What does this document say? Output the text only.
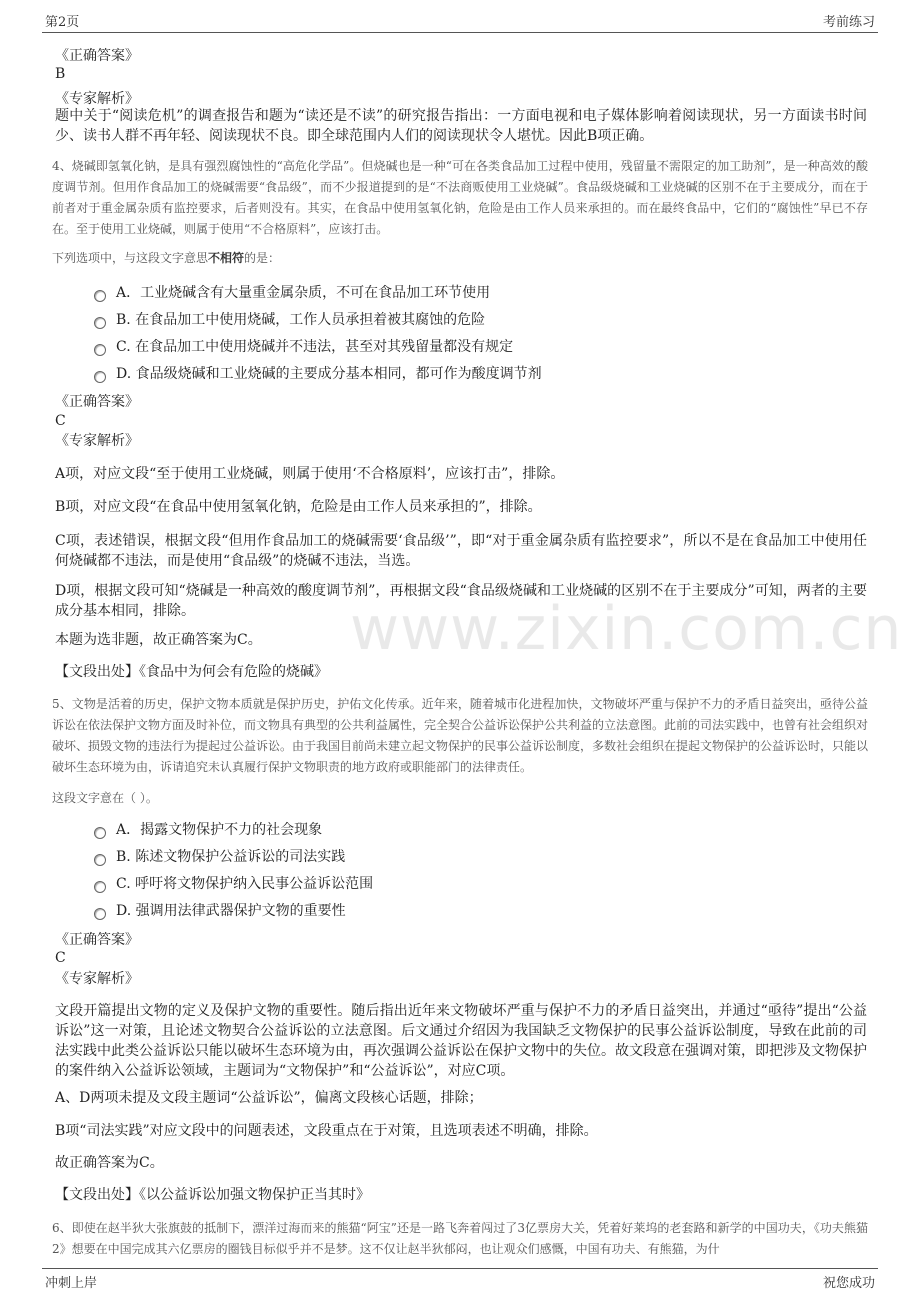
第2页	考前练习
www.zixin.com.cn
《正确答案》
B
《专家解析》
题中关于“阅读危机”的调查报告和题为“读还是不读”的研究报告指出：一方面电视和电子媒体影响着阅读现状，另一方面读书时间少、读书人群不再年轻、阅读现状不良。即全球范围内人们的阅读现状令人堪忧。因此B项正确。
4、烧碱即氢氧化钠，是具有强烈腐蚀性的“高危化学品”。但烧碱也是一种“可在各类食品加工过程中使用，残留量不需限定的加工助剂”，是一种高效的酸度调节剂。但用作食品加工的烧碱需要“食品级”，而不少报道提到的是“不法商贩使用工业烧碱”。食品级烧碱和工业烧碱的区别不在于主要成分，而在于前者对于重金属杂质有监控要求，后者则没有。其实，在食品中使用氢氧化钠，危险是由工作人员来承担的。而在最终食品中，它们的“腐蚀性”早已不存在。至于使用工业烧碱，则属于使用“不合格原料”，应该打击。
下列选项中，与这段文字意思不相符的是：
A．工业烧碱含有大量重金属杂质，不可在食品加工环节使用
B. 在食品加工中使用烧碱，工作人员承担着被其腐蚀的危险
C. 在食品加工中使用烧碱并不违法，甚至对其残留量都没有规定
D. 食品级烧碱和工业烧碱的主要成分基本相同，都可作为酸度调节剂
《正确答案》
C
《专家解析》
A项，对应文段“至于使用工业烧碱，则属于使用‘不合格原料’，应该打击”，排除。
B项，对应文段“在食品中使用氢氧化钠，危险是由工作人员来承担的”，排除。
C项，表述错误，根据文段“但用作食品加工的烧碱需要‘食品级’”，即“对于重金属杂质有监控要求”，所以不是在食品加工中使用任何烧碱都不违法，而是使用“食品级”的烧碱不违法，当选。
D项，根据文段可知“烧碱是一种高效的酸度调节剂”，再根据文段“食品级烧碱和工业烧碱的区别不在于主要成分”可知，两者的主要成分基本相同，排除。
本题为选非题，故正确答案为C。
【文段出处】《食品中为何会有危险的烧碱》
5、文物是活着的历史，保护文物本质就是保护历史，护佑文化传承。近年来，随着城市化进程加快，文物破坏严重与保护不力的矛盾日益突出，亟待公益诉讼在依法保护文物方面及时补位，而文物具有典型的公共利益属性，完全契合公益诉讼保护公共利益的立法意图。此前的司法实践中，也曾有社会组织对破坏、损毁文物的违法行为提起过公益诉讼。由于我国目前尚未建立起文物保护的民事公益诉讼制度，多数社会组织在提起文物保护的公益诉讼时，只能以破坏生态环境为由，诉请追究未认真履行保护文物职责的地方政府或职能部门的法律责任。
这段文字意在（ ）。
A．揭露文物保护不力的社会现象
B. 陈述文物保护公益诉讼的司法实践
C. 呼吁将文物保护纳入民事公益诉讼范围
D. 强调用法律武器保护文物的重要性
《正确答案》
C
《专家解析》
文段开篇提出文物的定义及保护文物的重要性。随后指出近年来文物破坏严重与保护不力的矛盾日益突出，并通过“亟待”提出“公益诉讼”这一对策，且论述文物契合公益诉讼的立法意图。后文通过介绍因为我国缺乏文物保护的民事公益诉讼制度，导致在此前的司法实践中此类公益诉讼只能以破坏生态环境为由，再次强调公益诉讼在保护文物中的失位。故文段意在强调对策，即把涉及文物保护的案件纳入公益诉讼领域，主题词为“文物保护”和“公益诉讼”，对应C项。
A、D两项未提及文段主题词“公益诉讼”，偏离文段核心话题，排除；
B项“司法实践”对应文段中的问题表述，文段重点在于对策，且选项表述不明确，排除。
故正确答案为C。
【文段出处】《以公益诉讼加强文物保护正当其时》
6、即使在赵半狄大张旗鼓的抵制下，漂洋过海而来的熊猫“阿宝”还是一路飞奔着闯过了3亿票房大关，凭着好莱坞的老套路和新学的中国功夫，《功夫熊猫2》想要在中国完成其六亿票房的圈钱目标似乎并不是梦。这不仅让赵半狄郁闷，也让观众们感慨，中国有功夫、有熊猫，为什
冲刺上岸	祝您成功
